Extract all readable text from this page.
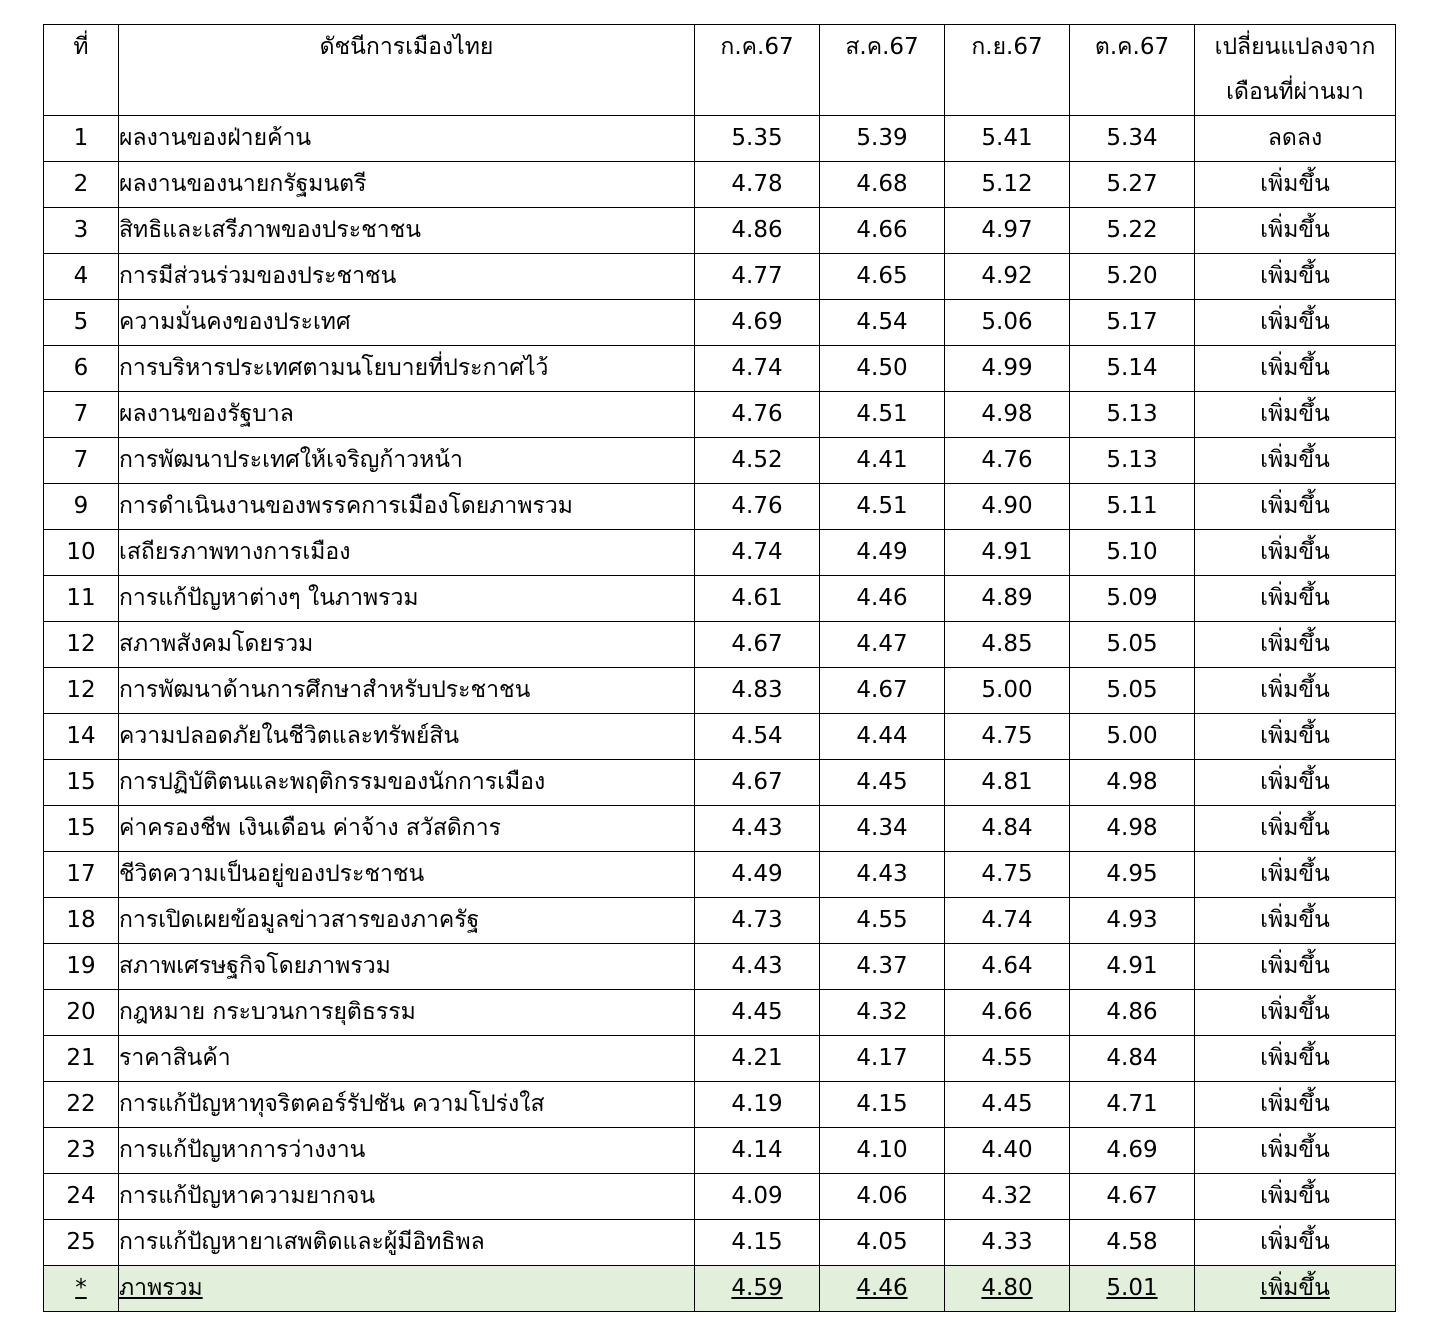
ที่	ดัชนีการเมืองไทย	ก.ค.67	ส.ค.67	ก.ย.67	ต.ค.67	เปลี่ยนแปลงจาก
เดือนที่ผ่านมา

1	ผลงานของฝ่ายค้าน	5.35	5.39	5.41	5.34	ลดลง
2	ผลงานของนายกรัฐมนตรี	4.78	4.68	5.12	5.27	เพิ่มขึ้น
3	สิทธิและเสรีภาพของประชาชน	4.86	4.66	4.97	5.22	เพิ่มขึ้น
4	การมีส่วนร่วมของประชาชน	4.77	4.65	4.92	5.20	เพิ่มขึ้น
5	ความมั่นคงของประเทศ	4.69	4.54	5.06	5.17	เพิ่มขึ้น
6	การบริหารประเทศตามนโยบายที่ประกาศไว้	4.74	4.50	4.99	5.14	เพิ่มขึ้น
7	ผลงานของรัฐบาล	4.76	4.51	4.98	5.13	เพิ่มขึ้น
7	การพัฒนาประเทศให้เจริญก้าวหน้า	4.52	4.41	4.76	5.13	เพิ่มขึ้น
9	การดำเนินงานของพรรคการเมืองโดยภาพรวม	4.76	4.51	4.90	5.11	เพิ่มขึ้น
10	เสถียรภาพทางการเมือง	4.74	4.49	4.91	5.10	เพิ่มขึ้น
11	การแก้ปัญหาต่างๆ ในภาพรวม	4.61	4.46	4.89	5.09	เพิ่มขึ้น
12	สภาพสังคมโดยรวม	4.67	4.47	4.85	5.05	เพิ่มขึ้น
12	การพัฒนาด้านการศึกษาสำหรับประชาชน	4.83	4.67	5.00	5.05	เพิ่มขึ้น
14	ความปลอดภัยในชีวิตและทรัพย์สิน	4.54	4.44	4.75	5.00	เพิ่มขึ้น
15	การปฏิบัติตนและพฤติกรรมของนักการเมือง	4.67	4.45	4.81	4.98	เพิ่มขึ้น
15	ค่าครองชีพ เงินเดือน ค่าจ้าง สวัสดิการ	4.43	4.34	4.84	4.98	เพิ่มขึ้น
17	ชีวิตความเป็นอยู่ของประชาชน	4.49	4.43	4.75	4.95	เพิ่มขึ้น
18	การเปิดเผยข้อมูลข่าวสารของภาครัฐ	4.73	4.55	4.74	4.93	เพิ่มขึ้น
19	สภาพเศรษฐกิจโดยภาพรวม	4.43	4.37	4.64	4.91	เพิ่มขึ้น
20	กฎหมาย กระบวนการยุติธรรม	4.45	4.32	4.66	4.86	เพิ่มขึ้น
21	ราคาสินค้า	4.21	4.17	4.55	4.84	เพิ่มขึ้น
22	การแก้ปัญหาทุจริตคอร์รัปชัน ความโปร่งใส	4.19	4.15	4.45	4.71	เพิ่มขึ้น
23	การแก้ปัญหาการว่างงาน	4.14	4.10	4.40	4.69	เพิ่มขึ้น
24	การแก้ปัญหาความยากจน	4.09	4.06	4.32	4.67	เพิ่มขึ้น
25	การแก้ปัญหายาเสพติดและผู้มีอิทธิพล	4.15	4.05	4.33	4.58	เพิ่มขึ้น
*	ภาพรวม	4.59	4.46	4.80	5.01	เพิ่มขึ้น
